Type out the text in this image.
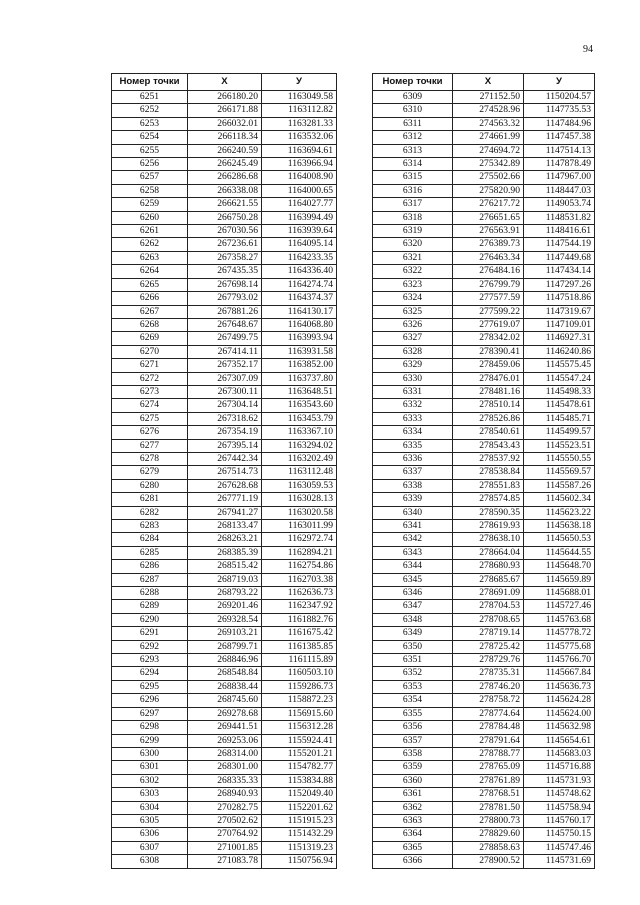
94
Номер точки	X	У
6251	266180.20	1163049.58
6252	266171.88	1163112.82
6253	266032.01	1163281.33
6254	266118.34	1163532.06
6255	266240.59	1163694.61
6256	266245.49	1163966.94
6257	266286.68	1164008.90
6258	266338.08	1164000.65
6259	266621.55	1164027.77
6260	266750.28	1163994.49
6261	267030.56	1163939.64
6262	267236.61	1164095.14
6263	267358.27	1164233.35
6264	267435.35	1164336.40
6265	267698.14	1164274.74
6266	267793.02	1164374.37
6267	267881.26	1164130.17
6268	267648.67	1164068.80
6269	267499.75	1163993.94
6270	267414.11	1163931.58
6271	267352.17	1163852.00
6272	267307.09	1163737.80
6273	267300.11	1163648.51
6274	267304.14	1163543.60
6275	267318.62	1163453.79
6276	267354.19	1163367.10
6277	267395.14	1163294.02
6278	267442.34	1163202.49
6279	267514.73	1163112.48
6280	267628.68	1163059.53
6281	267771.19	1163028.13
6282	267941.27	1163020.58
6283	268133.47	1163011.99
6284	268263.21	1162972.74
6285	268385.39	1162894.21
6286	268515.42	1162754.86
6287	268719.03	1162703.38
6288	268793.22	1162636.73
6289	269201.46	1162347.92
6290	269328.54	1161882.76
6291	269103.21	1161675.42
6292	268799.71	1161385.85
6293	268846.96	1161115.89
6294	268548.84	1160503.10
6295	268838.44	1159286.73
6296	268745.60	1158872.23
6297	269278.68	1156915.60
6298	269441.51	1156312.28
6299	269253.06	1155924.41
6300	268314.00	1155201.21
6301	268301.00	1154782.77
6302	268335.33	1153834.88
6303	268940.93	1152049.40
6304	270282.75	1152201.62
6305	270502.62	1151915.23
6306	270764.92	1151432.29
6307	271001.85	1151319.23
6308	271083.78	1150756.94
Номер точки	X	У
6309	271152.50	1150204.57
6310	274528.96	1147735.53
6311	274563.32	1147484.96
6312	274661.99	1147457.38
6313	274694.72	1147514.13
6314	275342.89	1147878.49
6315	275502.66	1147967.00
6316	275820.90	1148447.03
6317	276217.72	1149053.74
6318	276651.65	1148531.82
6319	276563.91	1148416.61
6320	276389.73	1147544.19
6321	276463.34	1147449.68
6322	276484.16	1147434.14
6323	276799.79	1147297.26
6324	277577.59	1147518.86
6325	277599.22	1147319.67
6326	277619.07	1147109.01
6327	278342.02	1146927.31
6328	278390.41	1146240.86
6329	278459.06	1145575.45
6330	278476.01	1145547.24
6331	278481.16	1145498.33
6332	278510.14	1145478.61
6333	278526.86	1145485.71
6334	278540.61	1145499.57
6335	278543.43	1145523.51
6336	278537.92	1145550.55
6337	278538.84	1145569.57
6338	278551.83	1145587.26
6339	278574.85	1145602.34
6340	278590.35	1145623.22
6341	278619.93	1145638.18
6342	278638.10	1145650.53
6343	278664.04	1145644.55
6344	278680.93	1145648.70
6345	278685.67	1145659.89
6346	278691.09	1145688.01
6347	278704.53	1145727.46
6348	278708.65	1145763.68
6349	278719.14	1145778.72
6350	278725.42	1145775.68
6351	278729.76	1145766.70
6352	278735.31	1145667.84
6353	278746.20	1145636.73
6354	278758.72	1145624.28
6355	278774.64	1145624.00
6356	278784.48	1145632.98
6357	278791.64	1145654.61
6358	278788.77	1145683.03
6359	278765.09	1145716.88
6360	278761.89	1145731.93
6361	278768.51	1145748.62
6362	278781.50	1145758.94
6363	278800.73	1145760.17
6364	278829.60	1145750.15
6365	278858.63	1145747.46
6366	278900.52	1145731.69
